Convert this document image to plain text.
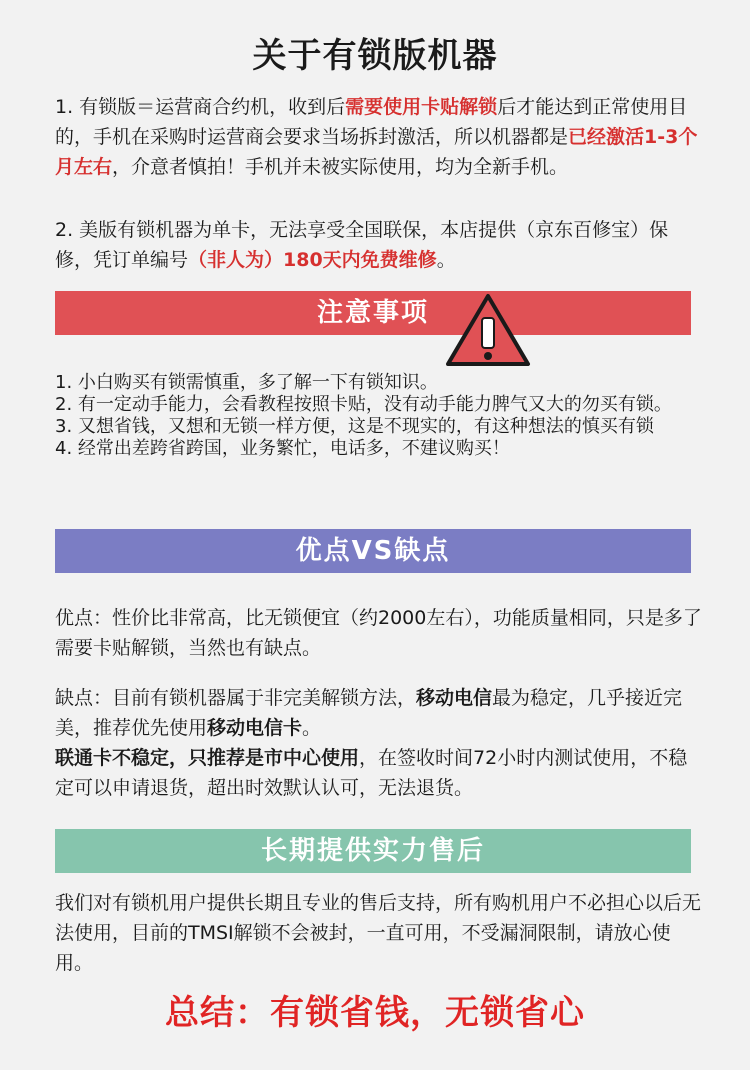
关于有锁版机器

1. 有锁版＝运营商合约机，收到后需要使用卡贴解锁后才能达到正常使用目的，手机在采购时运营商会要求当场拆封激活，所以机器都是已经激活1-3个月左右，介意者慎拍！手机并未被实际使用，均为全新手机。

2. 美版有锁机器为单卡，无法享受全国联保，本店提供（京东百修宝）保修，凭订单编号（非人为）180天内免费维修。

注意事项
1. 小白购买有锁需慎重，多了解一下有锁知识。
2. 有一定动手能力，会看教程按照卡贴，没有动手能力脾气又大的勿买有锁。
3. 又想省钱，又想和无锁一样方便，这是不现实的，有这种想法的慎买有锁
4. 经常出差跨省跨国，业务繁忙，电话多，不建议购买！
优点VS缺点

优点：性价比非常高，比无锁便宜（约2000左右），功能质量相同，只是多了需要卡贴解锁，当然也有缺点。

缺点：目前有锁机器属于非完美解锁方法，移动电信最为稳定，几乎接近完美，推荐优先使用移动电信卡。
联通卡不稳定，只推荐是市中心使用，在签收时间72小时内测试使用，不稳定可以申请退货，超出时效默认认可，无法退货。

长期提供实力售后

我们对有锁机用户提供长期且专业的售后支持，所有购机用户不必担心以后无法使用，目前的TMSI解锁不会被封，一直可用，不受漏洞限制，请放心使用。

总结：有锁省钱，无锁省心
